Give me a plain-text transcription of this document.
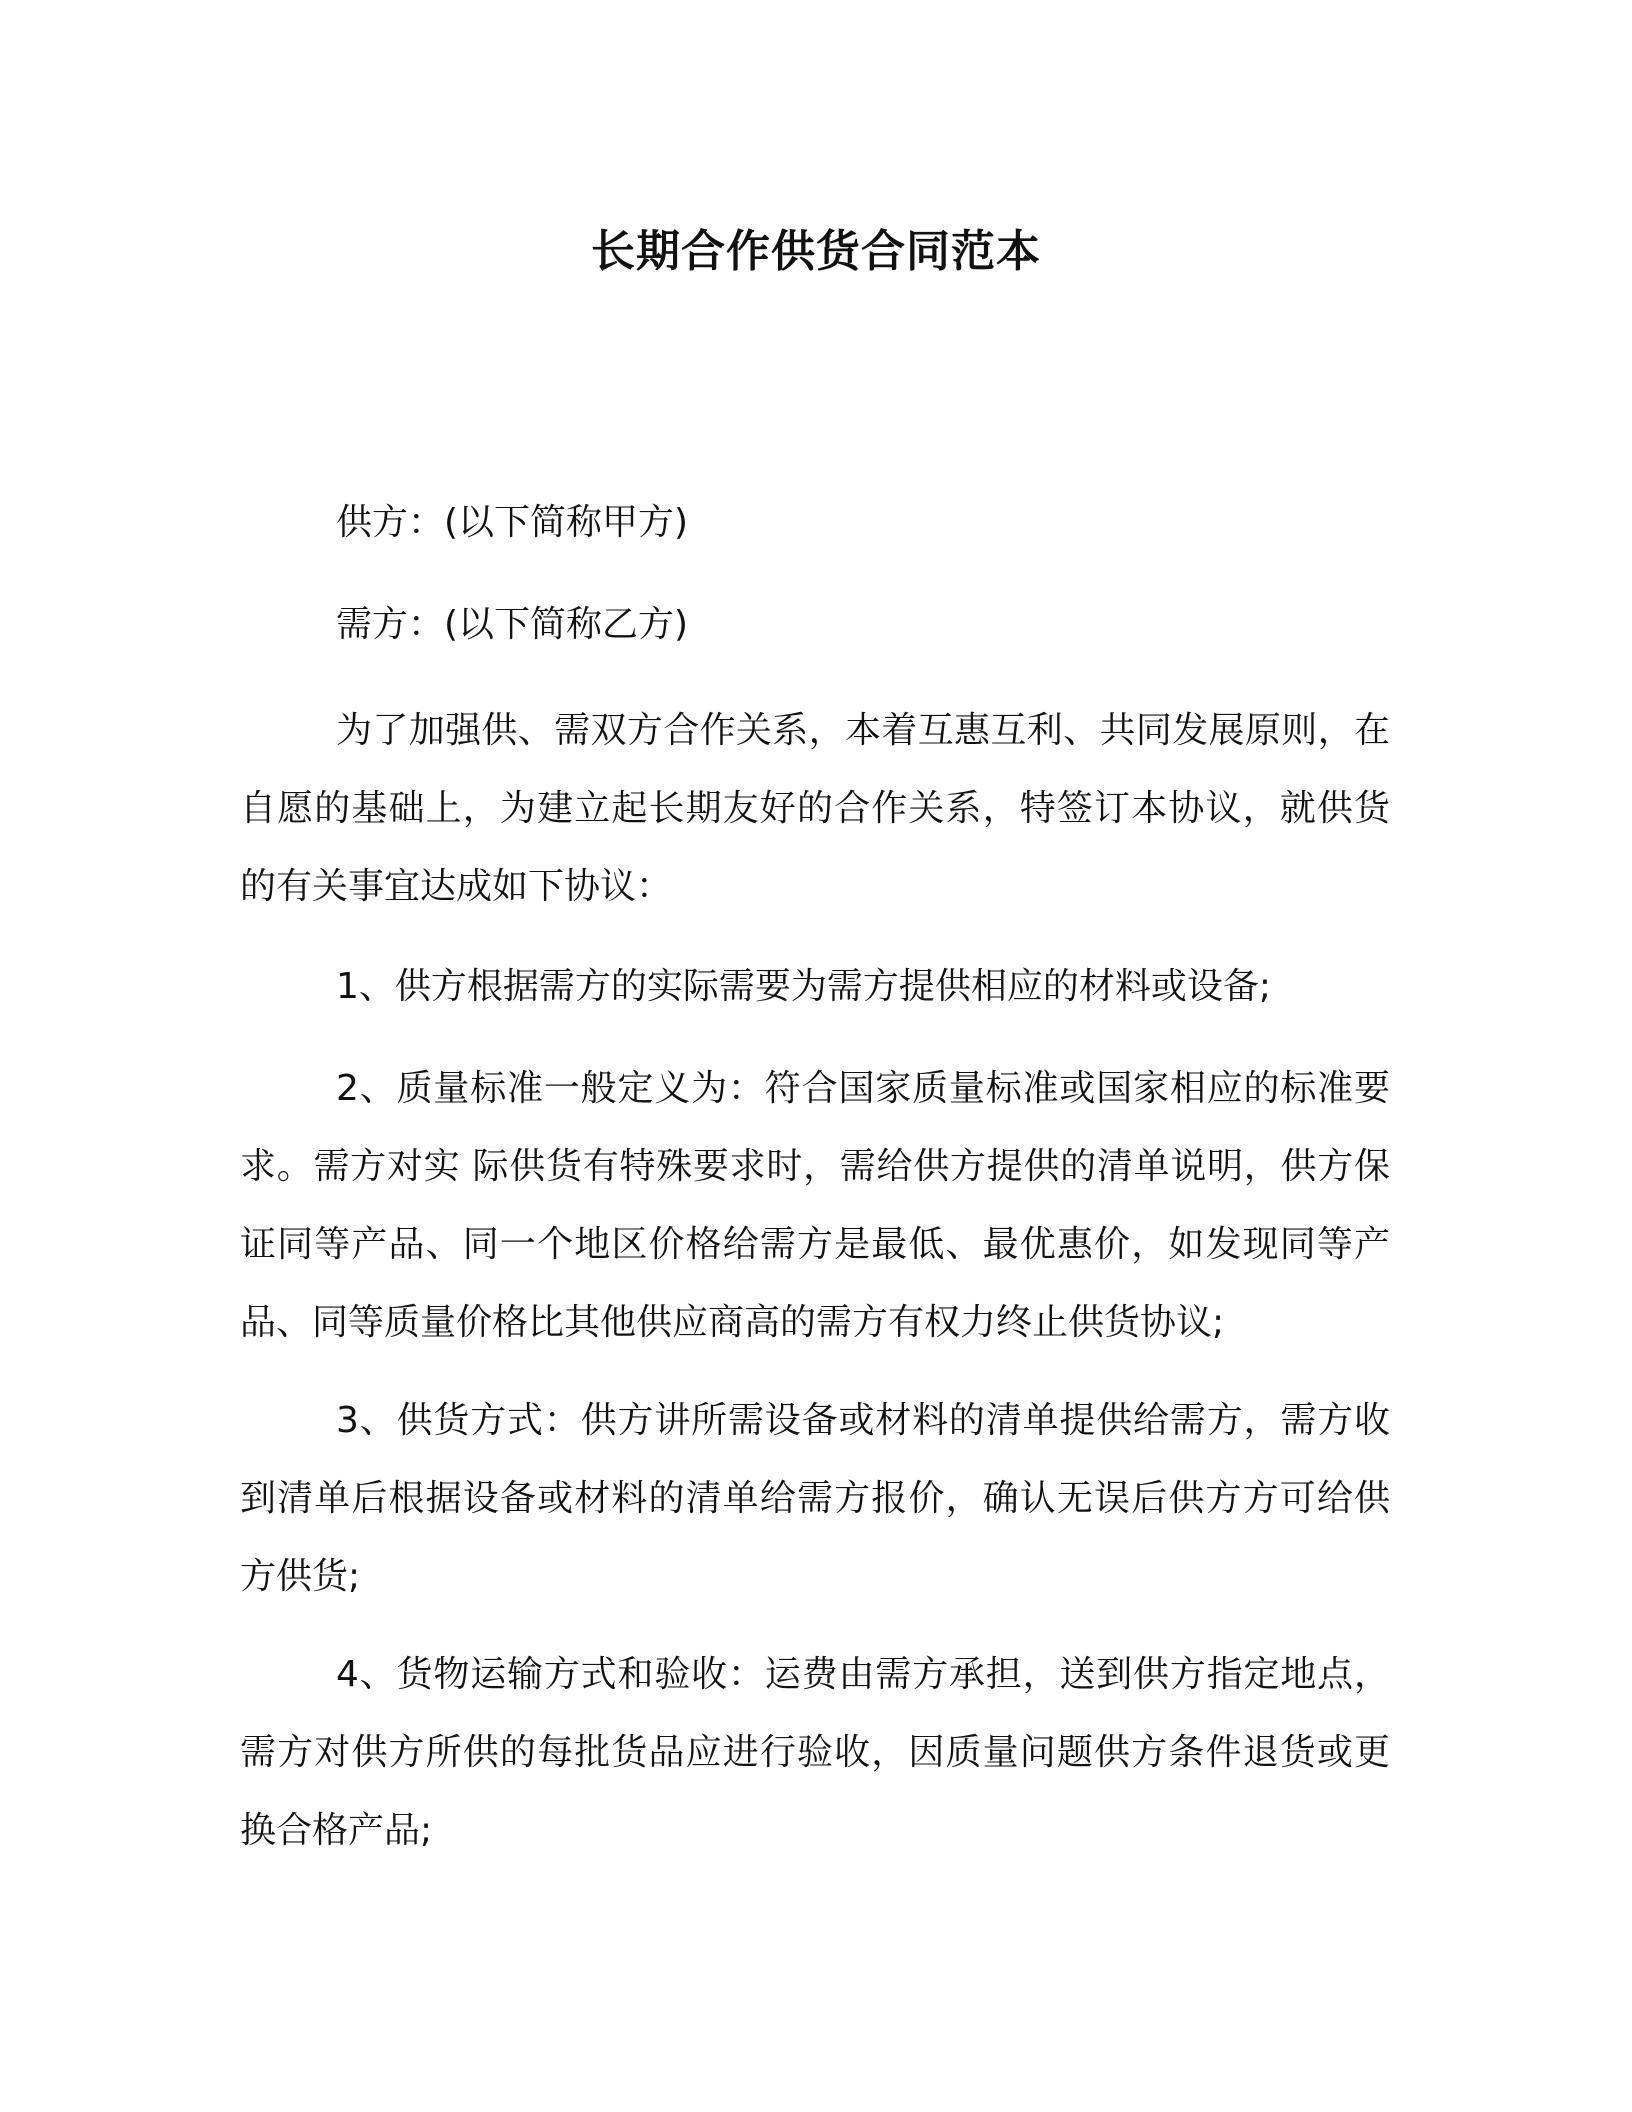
长期合作供货合同范本

供方：(以下简称甲方)

需方：(以下简称乙方)

为了加强供、需双方合作关系，本着互惠互利、共同发展原则，在自愿的基础上，为建立起长期友好的合作关系，特签订本协议，就供货的有关事宜达成如下协议：

1、供方根据需方的实际需要为需方提供相应的材料或设备;

2、质量标准一般定义为：符合国家质量标准或国家相应的标准要求。需方对实 际供货有特殊要求时，需给供方提供的清单说明，供方保证同等产品、同一个地区价格给需方是最低、最优惠价，如发现同等产品、同等质量价格比其他供应商高的需方有权力终止供货协议;

3、供货方式：供方讲所需设备或材料的清单提供给需方，需方收到清单后根据设备或材料的清单给需方报价，确认无误后供方方可给供方供货;

4、货物运输方式和验收：运费由需方承担，送到供方指定地点，需方对供方所供的每批货品应进行验收，因质量问题供方条件退货或更换合格产品;
